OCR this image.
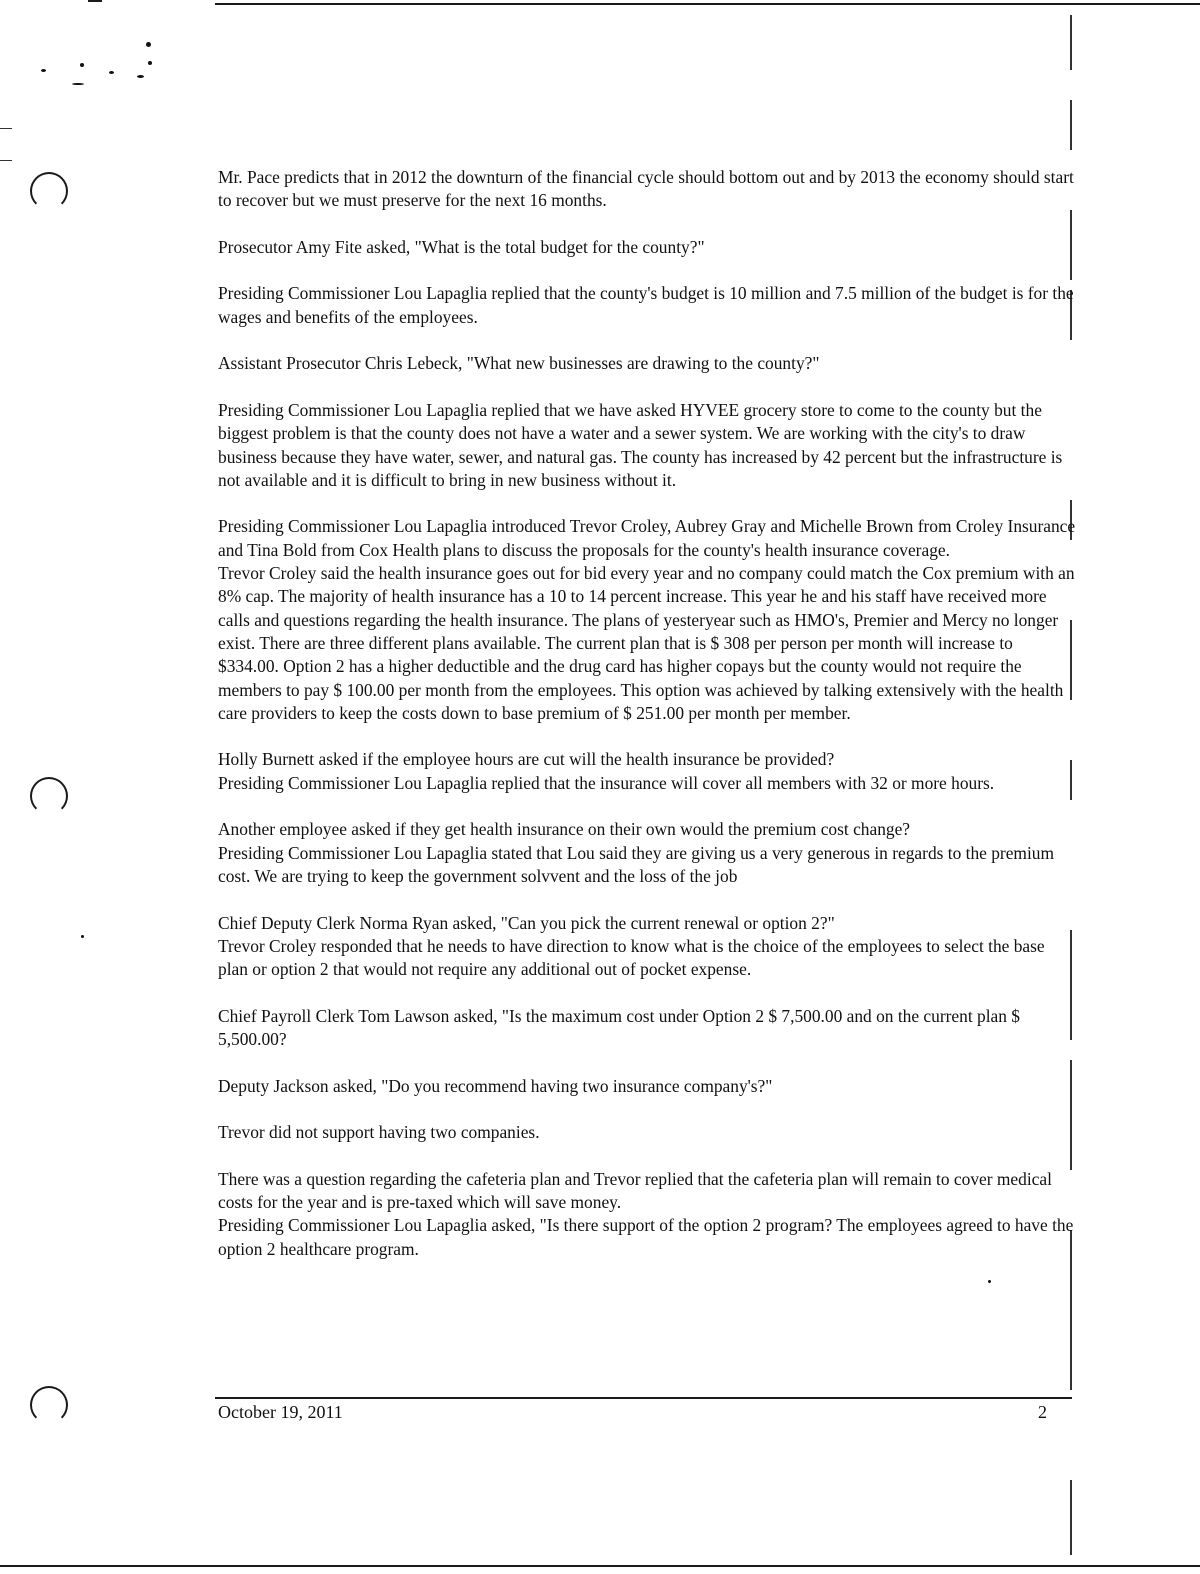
Mr. Pace predicts that in 2012 the downturn of the financial cycle should bottom out and by 2013 the economy should start to recover but we must preserve for the next 16 months.

Prosecutor Amy Fite asked, "What is the total budget for the county?"

Presiding Commissioner Lou Lapaglia replied that the county's budget is 10 million and 7.5 million of the budget is for the wages and benefits of the employees.

Assistant Prosecutor Chris Lebeck, "What new businesses are drawing to the county?"

Presiding Commissioner Lou Lapaglia replied that we have asked HYVEE grocery store to come to the county but the biggest problem is that the county does not have a water and a sewer system. We are working with the city's to draw business because they have water, sewer, and natural gas. The county has increased by 42 percent but the infrastructure is not available and it is difficult to bring in new business without it.

Presiding Commissioner Lou Lapaglia introduced Trevor Croley, Aubrey Gray and Michelle Brown from Croley Insurance and Tina Bold from Cox Health plans to discuss the proposals for the county's health insurance coverage.

Trevor Croley said the health insurance goes out for bid every year and no company could match the Cox premium with an 8% cap. The majority of health insurance has a 10 to 14 percent increase. This year he and his staff have received more calls and questions regarding the health insurance. The plans of yesteryear such as HMO's, Premier and Mercy no longer exist. There are three different plans available. The current plan that is $ 308 per person per month will increase to $334.00. Option 2 has a higher deductible and the drug card has higher copays but the county would not require the members to pay $ 100.00 per month from the employees. This option was achieved by talking extensively with the health care providers to keep the costs down to base premium of $ 251.00 per month per member.

Holly Burnett asked if the employee hours are cut will the health insurance be provided?

Presiding Commissioner Lou Lapaglia replied that the insurance will cover all members with 32 or more hours.

Another employee asked if they get health insurance on their own would the premium cost change?

Presiding Commissioner Lou Lapaglia stated that Lou said they are giving us a very generous in regards to the premium cost. We are trying to keep the government solvvent and the loss of the job

Chief Deputy Clerk Norma Ryan asked, "Can you pick the current renewal or option 2?"

Trevor Croley responded that he needs to have direction to know what is the choice of the employees to select the base plan or option 2 that would not require any additional out of pocket expense.

Chief Payroll Clerk Tom Lawson asked, "Is the maximum cost under Option 2 $ 7,500.00 and on the current plan $ 5,500.00?

Deputy Jackson asked, "Do you recommend having two insurance company's?"

Trevor did not support having two companies.

There was a question regarding the cafeteria plan and Trevor replied that the cafeteria plan will remain to cover medical costs for the year and is pre-taxed which will save money.

Presiding Commissioner Lou Lapaglia asked, "Is there support of the option 2 program? The employees agreed to have the option 2 healthcare program.

October 19, 2011	2
